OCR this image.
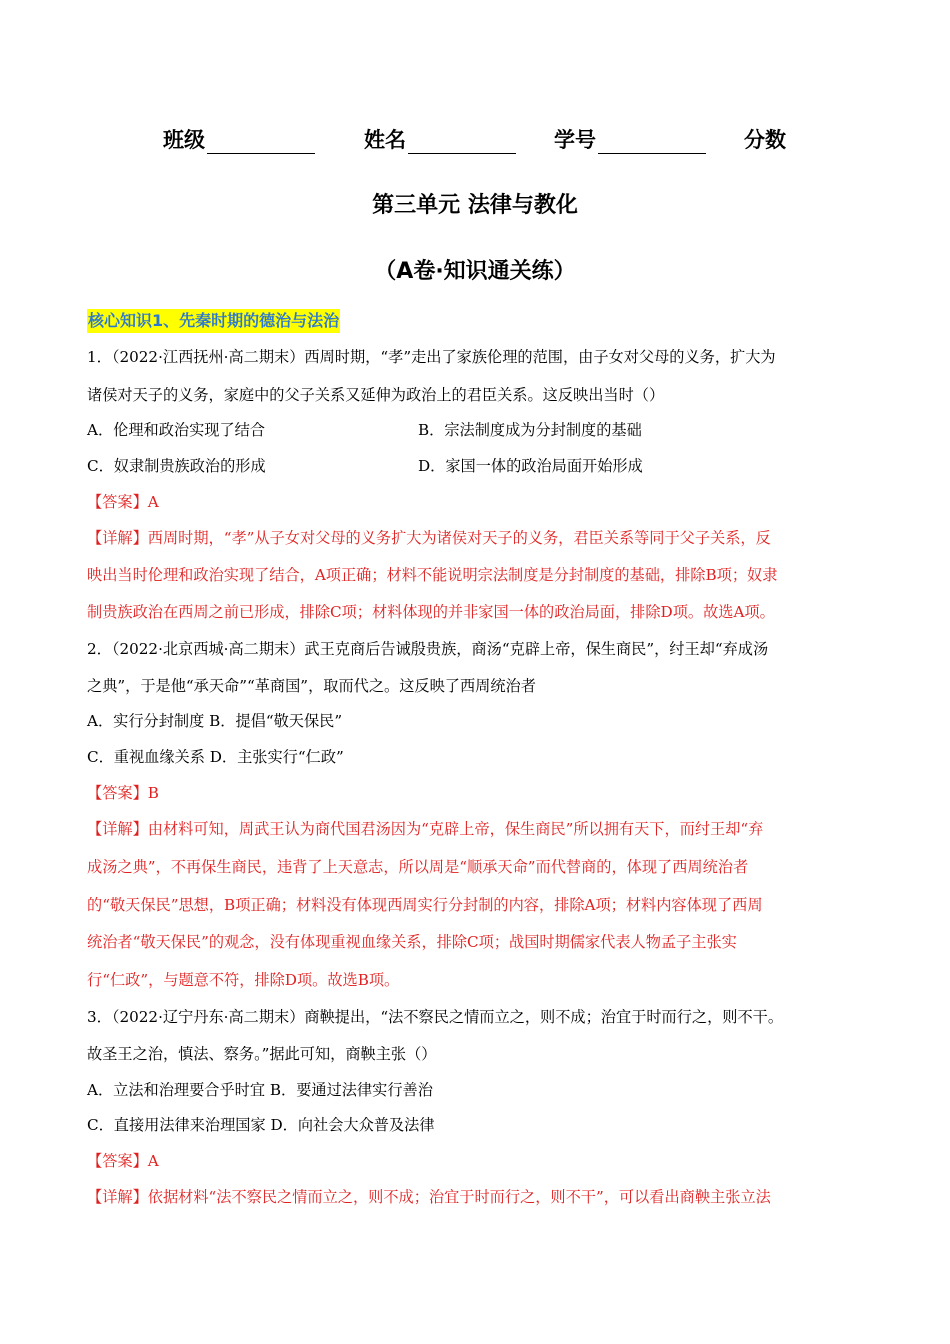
班级	姓名	学号	分数
第三单元 法律与教化
（A卷·知识通关练）
核心知识1、先秦时期的德治与法治
1．（2022·江西抚州·高二期末）西周时期，“孝”走出了家族伦理的范围，由子女对父母的义务，扩大为
诸侯对天子的义务，家庭中的父子关系又延伸为政治上的君臣关系。这反映出当时（）
A．伦理和政治实现了结合	B．宗法制度成为分封制度的基础
C．奴隶制贵族政治的形成	D．家国一体的政治局面开始形成
【答案】A
【详解】西周时期，“孝”从子女对父母的义务扩大为诸侯对天子的义务，君臣关系等同于父子关系，反
映出当时伦理和政治实现了结合，A项正确；材料不能说明宗法制度是分封制度的基础，排除B项；奴隶
制贵族政治在西周之前已形成，排除C项；材料体现的并非家国一体的政治局面，排除D项。故选A项。
2．（2022·北京西城·高二期末）武王克商后告诫殷贵族，商汤“克辟上帝，保生商民”，纣王却“弃成汤
之典”，于是他“承天命”“革商国”，取而代之。这反映了西周统治者
A．实行分封制度 B．提倡“敬天保民”
C．重视血缘关系 D．主张实行“仁政”
【答案】B
【详解】由材料可知，周武王认为商代国君汤因为“克辟上帝，保生商民”所以拥有天下，而纣王却“弃
成汤之典”，不再保生商民，违背了上天意志，所以周是“顺承天命”而代替商的，体现了西周统治者
的“敬天保民”思想，B项正确；材料没有体现西周实行分封制的内容，排除A项；材料内容体现了西周
统治者“敬天保民”的观念，没有体现重视血缘关系，排除C项；战国时期儒家代表人物孟子主张实
行“仁政”，与题意不符，排除D项。故选B项。
3．（2022·辽宁丹东·高二期末）商鞅提出，“法不察民之情而立之，则不成；治宜于时而行之，则不干。
故圣王之治，慎法、察务。”据此可知，商鞅主张（）
A．立法和治理要合乎时宜 B．要通过法律实行善治
C．直接用法律来治理国家 D．向社会大众普及法律
【答案】A
【详解】依据材料“法不察民之情而立之，则不成；治宜于时而行之，则不干”，可以看出商鞅主张立法
